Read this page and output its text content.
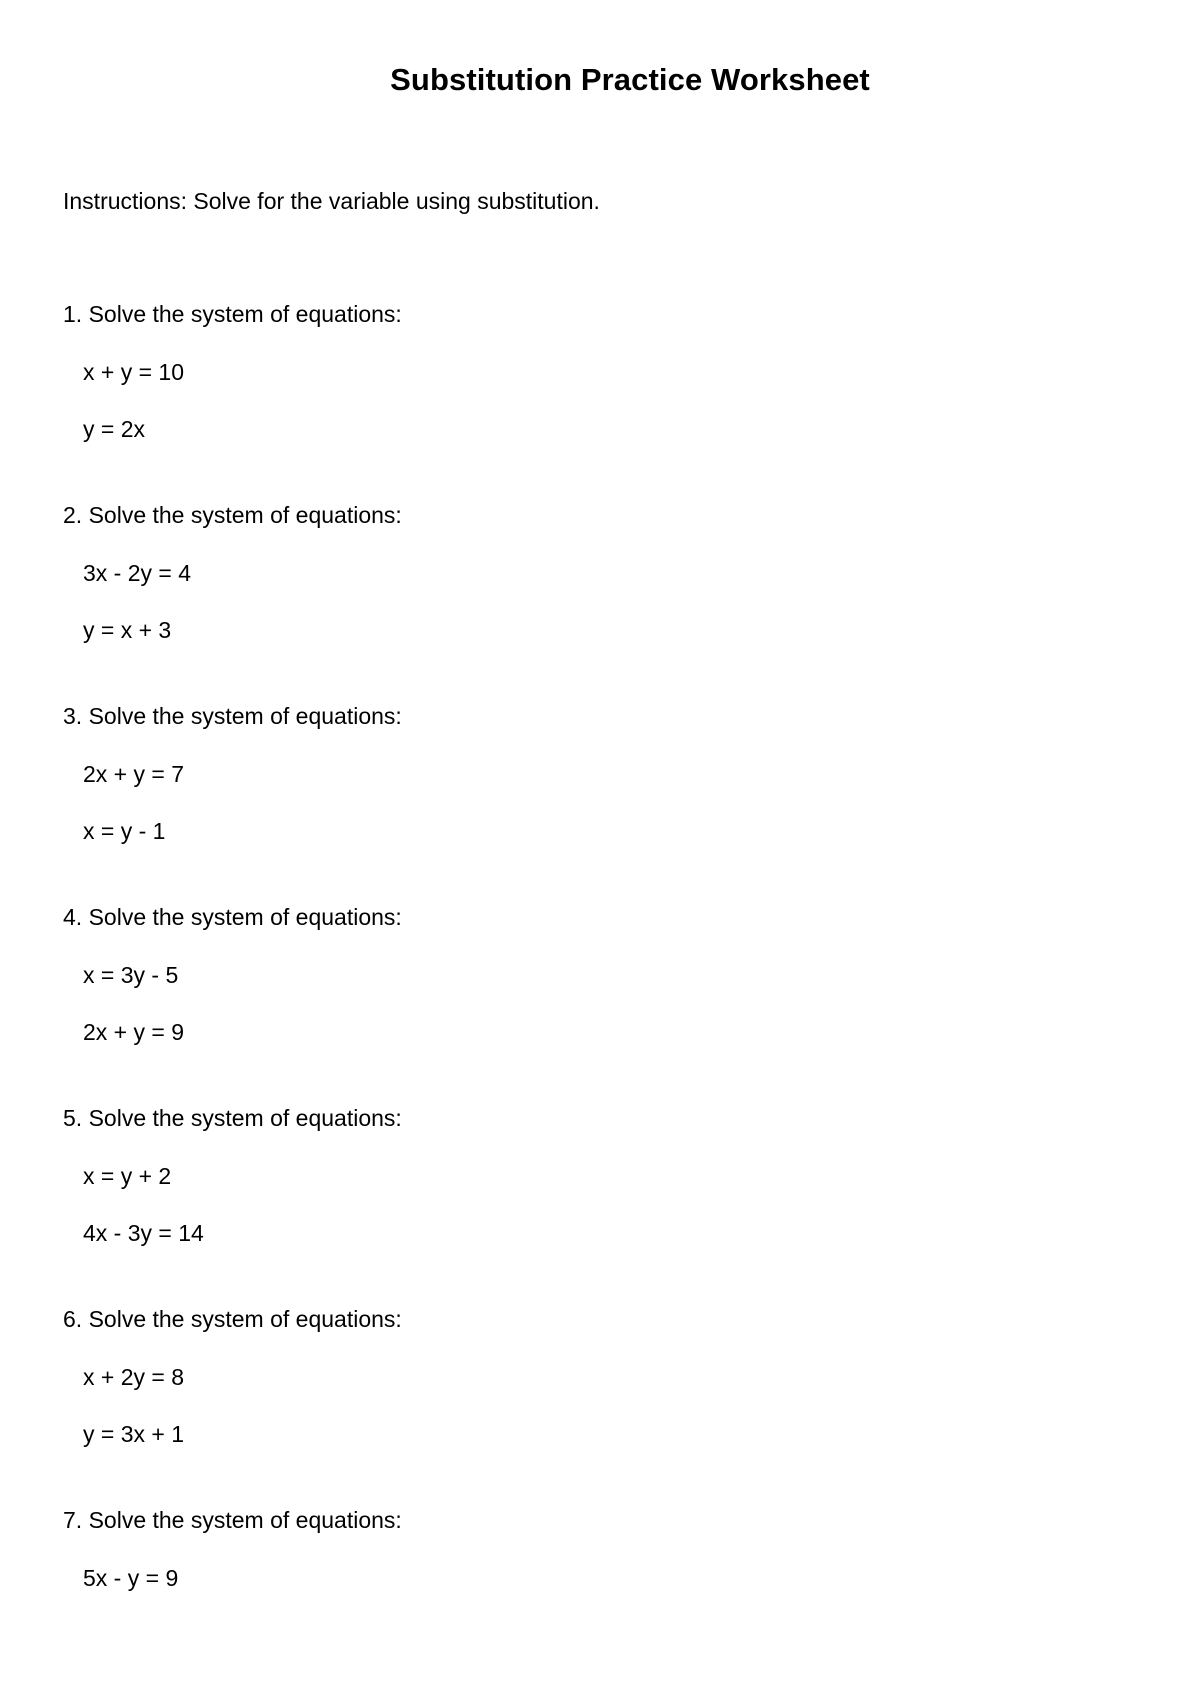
Substitution Practice Worksheet
Instructions: Solve for the variable using substitution.
1. Solve the system of equations:
x + y = 10
y = 2x
2. Solve the system of equations:
3x - 2y = 4
y = x + 3
3. Solve the system of equations:
2x + y = 7
x = y - 1
4. Solve the system of equations:
x = 3y - 5
2x + y = 9
5. Solve the system of equations:
x = y + 2
4x - 3y = 14
6. Solve the system of equations:
x + 2y = 8
y = 3x + 1
7. Solve the system of equations:
5x - y = 9
